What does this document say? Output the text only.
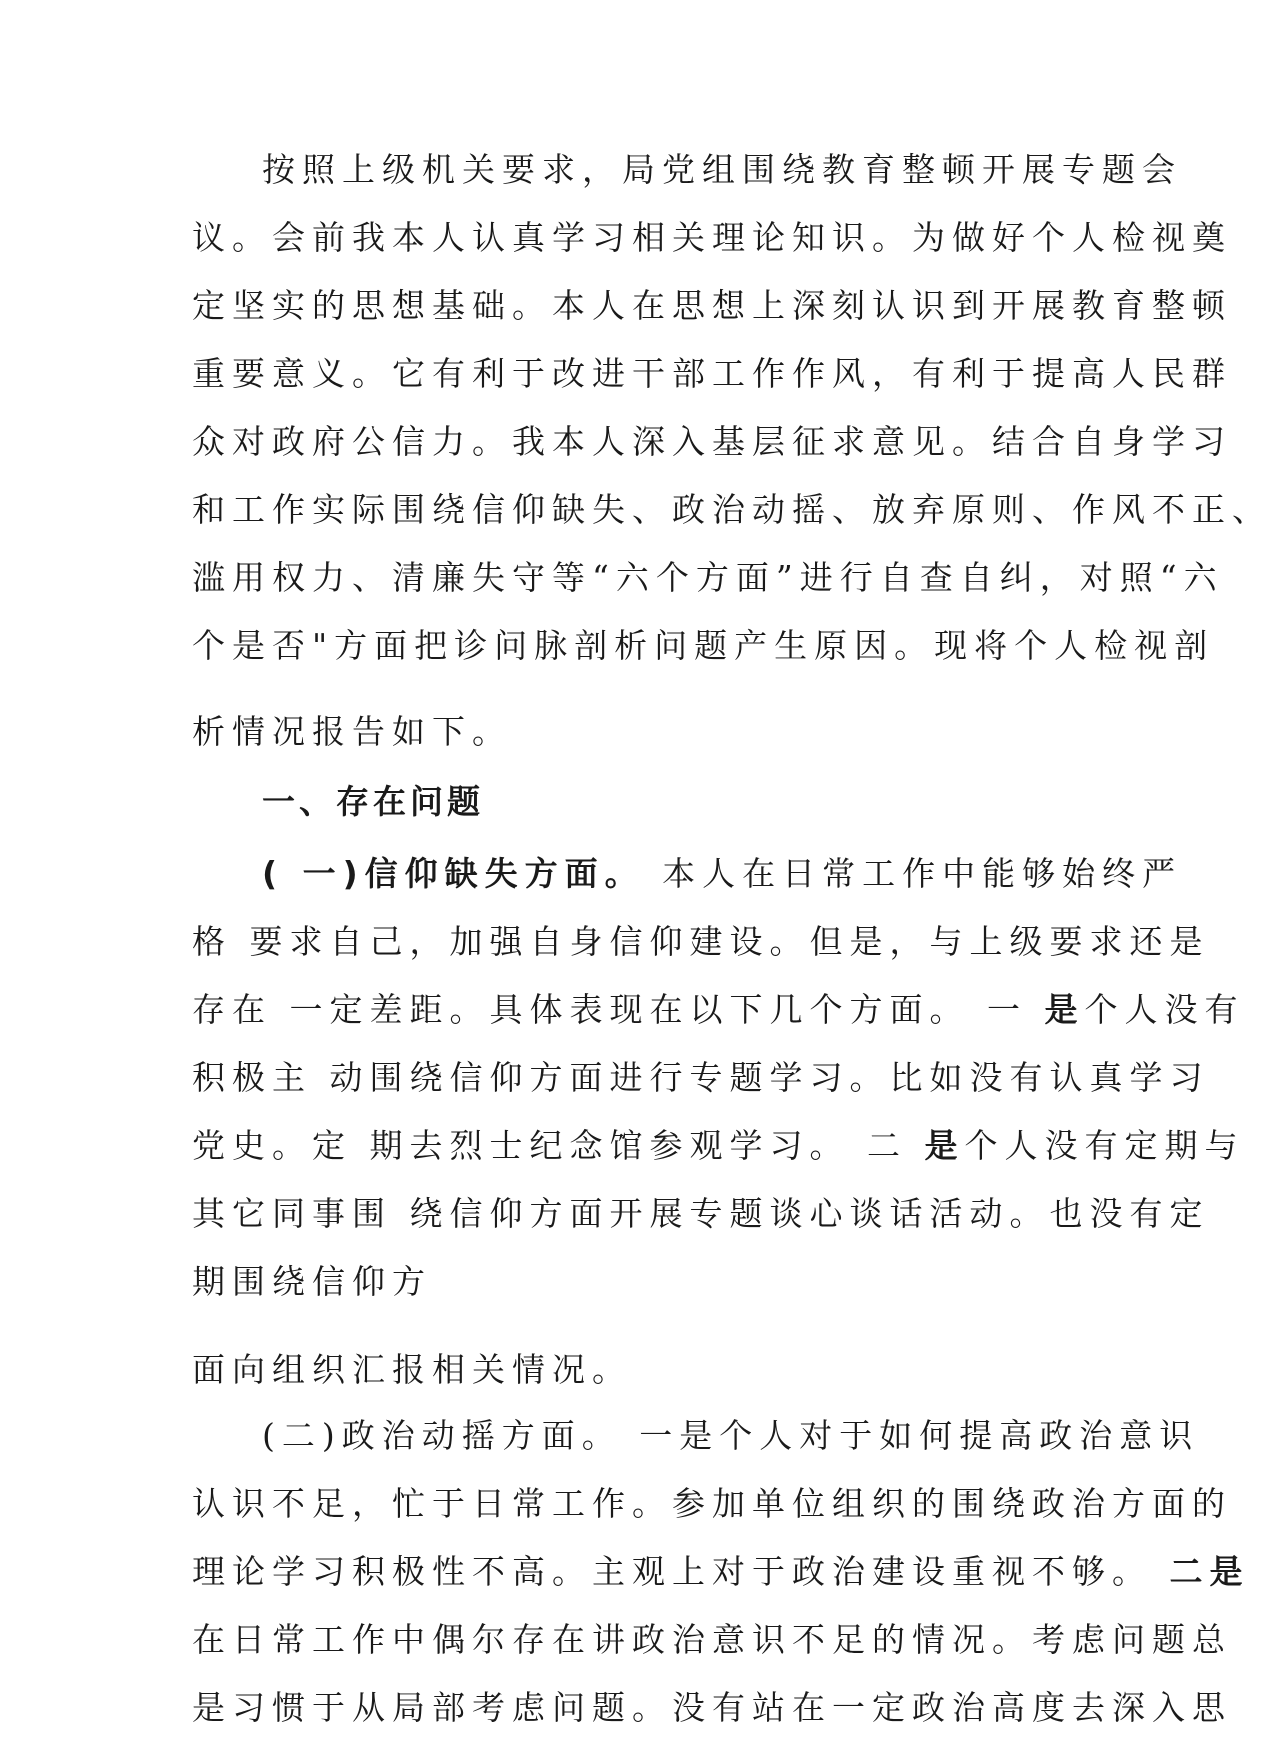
按照上级机关要求，局党组围绕教育整顿开展专题会
议。会前我本人认真学习相关理论知识。为做好个人检视奠
定坚实的思想基础。本人在思想上深刻认识到开展教育整顿
重要意义。它有利于改进干部工作作风，有利于提高人民群
众对政府公信力。我本人深入基层征求意见。结合自身学习
和工作实际围绕信仰缺失、政治动摇、放弃原则、作风不正、
滥用权力、清廉失守等“六个方面”进行自查自纠，对照“六
个是否"方面把诊问脉剖析问题产生原因。现将个人检视剖
析情况报告如下。
一、存在问题
( 一)信仰缺失方面。 本人在日常工作中能够始终严
格 要求自己，加强自身信仰建设。但是，与上级要求还是
存在 一定差距。具体表现在以下几个方面。 一 是个人没有
积极主 动围绕信仰方面进行专题学习。比如没有认真学习
党史。定 期去烈士纪念馆参观学习。 二 是个人没有定期与
其它同事围 绕信仰方面开展专题谈心谈话活动。也没有定
期围绕信仰方
面向组织汇报相关情况。
(二)政治动摇方面。 一是个人对于如何提高政治意识
认识不足，忙于日常工作。参加单位组织的围绕政治方面的
理论学习积极性不高。主观上对于政治建设重视不够。 二是
在日常工作中偶尔存在讲政治意识不足的情况。考虑问题总
是习惯于从局部考虑问题。没有站在一定政治高度去深入思
